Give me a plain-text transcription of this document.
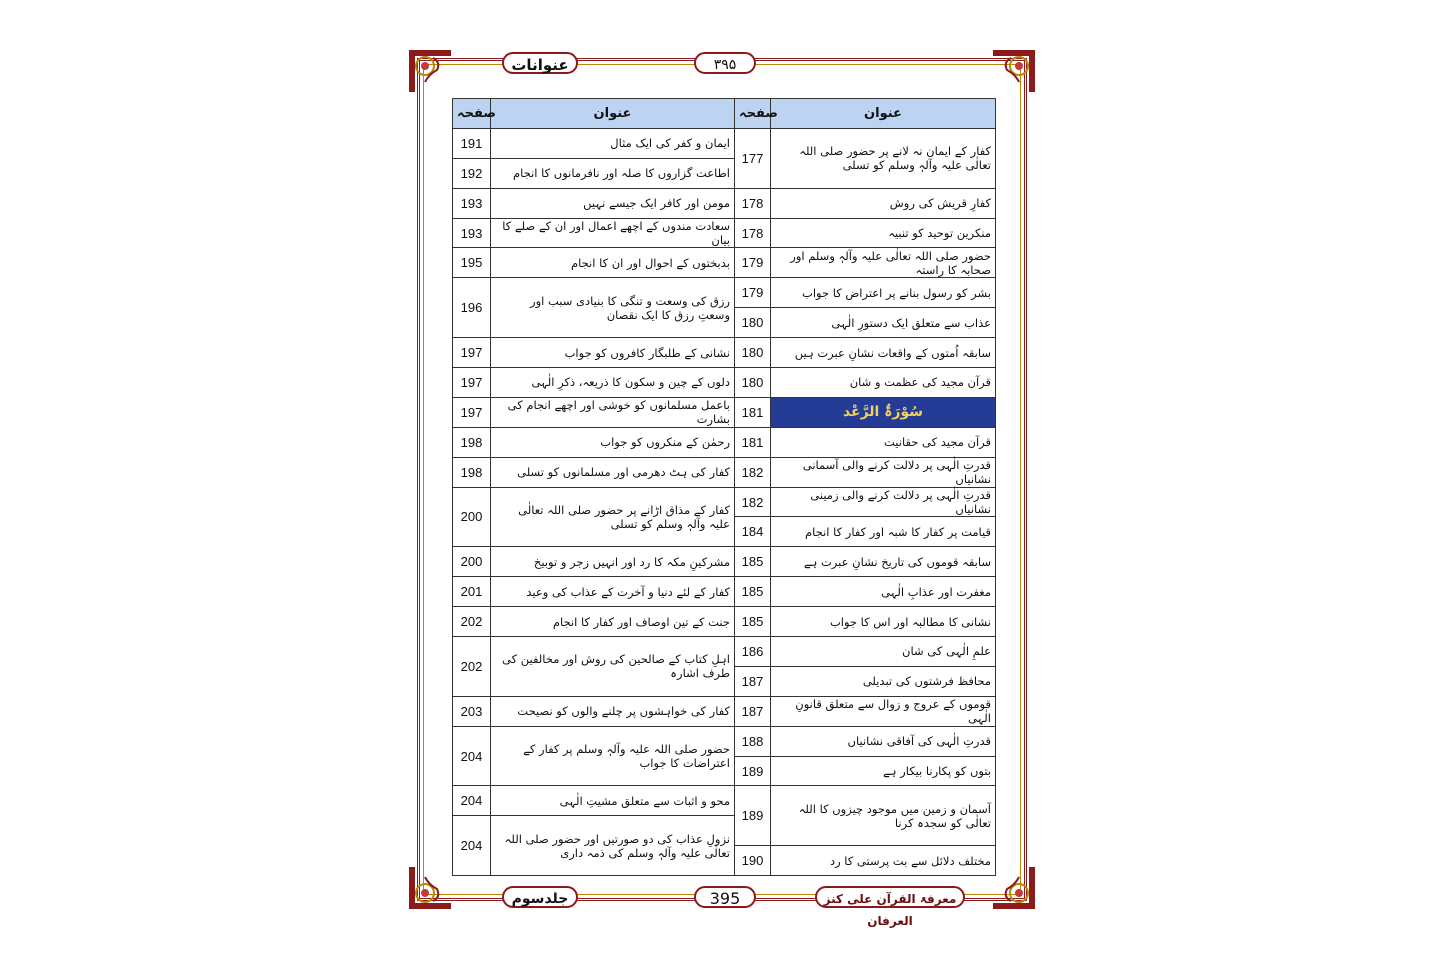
عنوانات	۳۹۵
صفحہ	عنوان	صفحہ	عنوان
191	ایمان و کفر کی ایک مثال	177	کفار کے ایمان نہ لانے پر حضور صلی اللہ تعالٰی علیہ وآلہٖ وسلم کو تسلی
192	اطاعت گزاروں کا صلہ اور نافرمانوں کا انجام		
193	مومن اور کافر ایک جیسے نہیں	178	کفارِ قریش کی روش
193	سعادت مندوں کے اچھے اعمال اور ان کے صلے کا بیان	178	منکرین توحید کو تنبیہ
195	بدبختوں کے احوال اور ان کا انجام	179	حضور صلی اللہ تعالٰی علیہ وآلہٖ وسلم اور صحابہ کا راستہ
196	رزق کی وسعت و تنگی کا بنیادی سبب اور وسعتِ رزق کا ایک نقصان	179	بشر کو رسول بنانے پر اعتراض کا جواب
		180	عذاب سے متعلق ایک دستورِ الٰہی
197	نشانی کے طلبگار کافروں کو جواب	180	سابقہ اُمتوں کے واقعات نشانِ عبرت ہیں
197	دلوں کے چین و سکون کا ذریعہ، ذکرِ الٰہی	180	قرآن مجید کی عظمت و شان
197	باعمل مسلمانوں کو خوشی اور اچھے انجام کی بشارت	181	سُوْرَۃُ الرَّعْد
198	رحمٰن کے منکروں کو جواب	181	قرآن مجید کی حقانیت
198	کفار کی ہٹ دھرمی اور مسلمانوں کو تسلی	182	قدرتِ الٰہی پر دلالت کرنے والی آسمانی نشانیاں
200	کفار کے مذاق اڑانے پر حضور صلی اللہ تعالٰی علیہ وآلہٖ وسلم کو تسلی	182	قدرتِ الٰہی پر دلالت کرنے والی زمینی نشانیاں
		184	قیامت پر کفار کا شبہ اور کفار کا انجام
200	مشرکینِ مکہ کا رد اور انہیں زجر و توبیخ	185	سابقہ قوموں کی تاریخ نشانِ عبرت ہے
201	کفار کے لئے دنیا و آخرت کے عذاب کی وعید	185	مغفرت اور عذابِ الٰہی
202	جنت کے تین اوصاف اور کفار کا انجام	185	نشانی کا مطالبہ اور اس کا جواب
202	اہلِ کتاب کے صالحین کی روش اور مخالفین کی طرف اشارہ	186	علمِ الٰہی کی شان
		187	محافظ فرشتوں کی تبدیلی
203	کفار کی خواہشوں پر چلنے والوں کو نصیحت	187	قوموں کے عروج و زوال سے متعلق قانونِ الٰہی
204	حضور صلی اللہ علیہ وآلہٖ وسلم پر کفار کے اعتراضات کا جواب	188	قدرتِ الٰہی کی آفاقی نشانیاں
		189	بتوں کو پکارنا بیکار ہے
204	محو و اثبات سے متعلق مشیتِ الٰہی	189	آسمان و زمین میں موجود چیزوں کا اللہ تعالٰی کو سجدہ کرنا
204	نزولِ عذاب کی دو صورتیں اور حضور صلی اللہ تعالٰی علیہ وآلہٖ وسلم کی ذمہ داری		
		190	مختلف دلائل سے بت پرستی کا رد
جلدسوم	395	معرفۃ القرآن علی کنز العرفان
